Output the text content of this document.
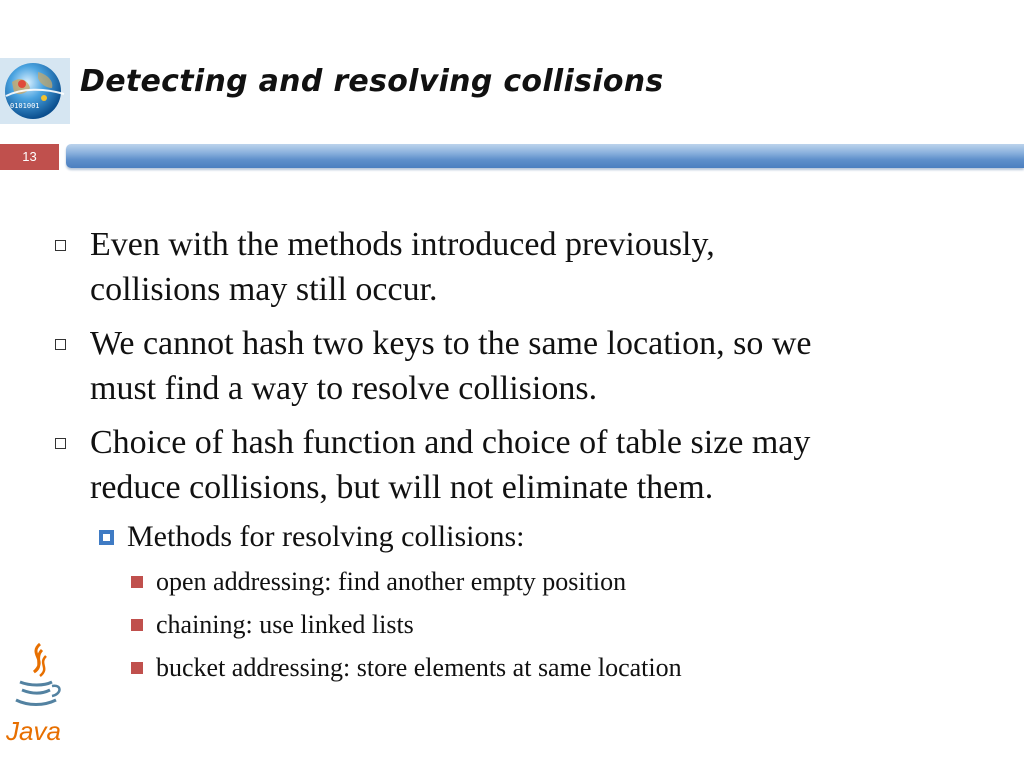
0101001
Detecting and resolving collisions
13
Even with the methods introduced previously,
collisions may still occur.
We cannot hash two keys to the same location, so we
must find a way to resolve collisions.
Choice of hash function and choice of table size may
reduce collisions, but will not eliminate them.
Methods for resolving collisions:
open addressing: find another empty position
chaining: use linked lists
bucket addressing: store elements at same location
Java
